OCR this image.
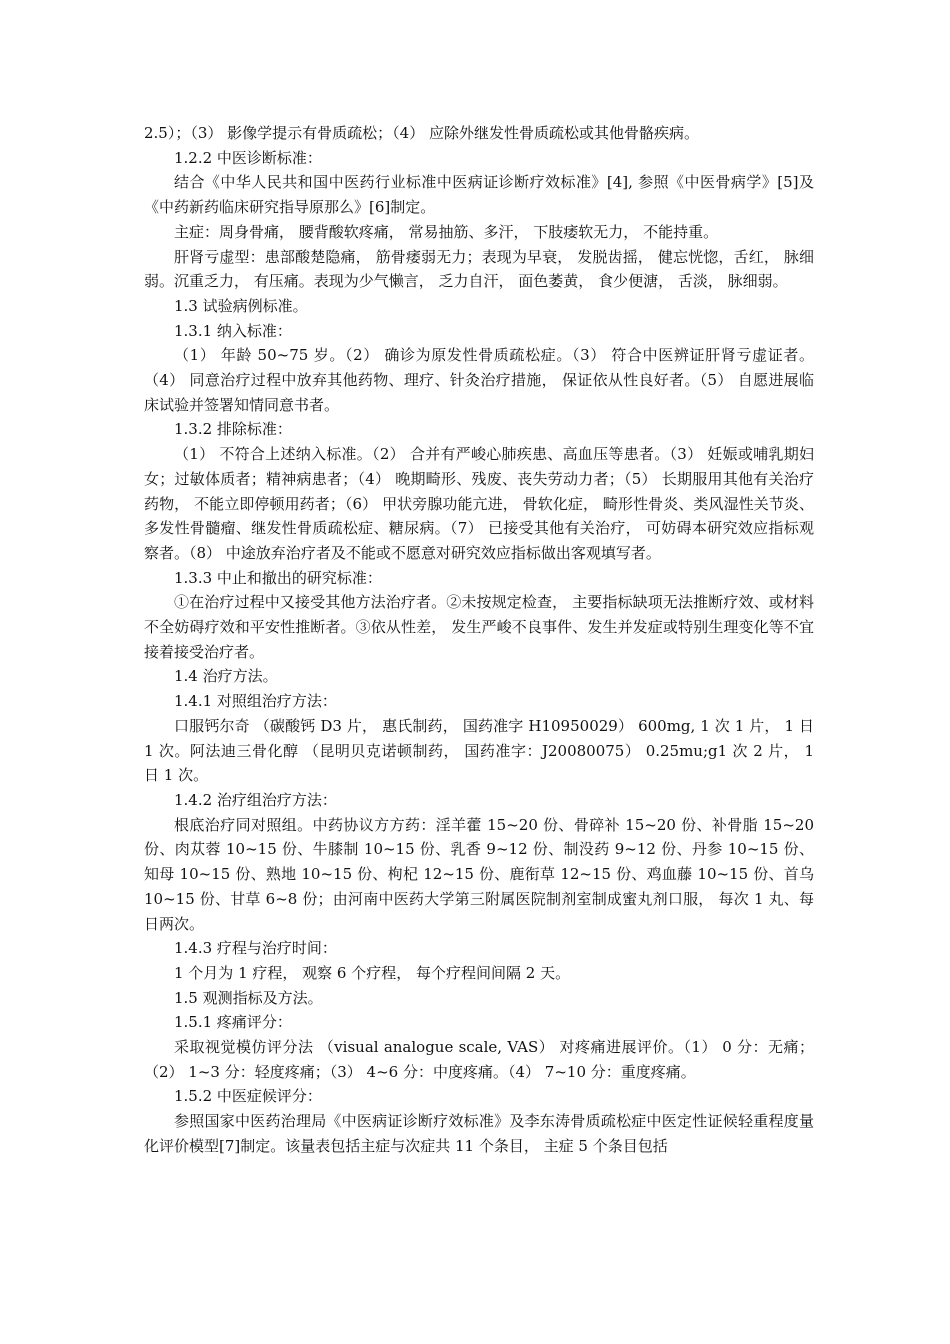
2.5）；（3） 影像学提示有骨质疏松；（4） 应除外继发性骨质疏松或其他骨骼疾病。

1.2.2 中医诊断标准：

结合《中华人民共和国中医药行业标准中医病证诊断疗效标准》[4], 参照《中医骨病学》[5]及《中药新药临床研究指导原那么》[6]制定。

主症：周身骨痛， 腰背酸软疼痛， 常易抽筋、多汗， 下肢痿软无力， 不能持重。

肝肾亏虚型：患部酸楚隐痛， 筋骨痿弱无力；表现为早衰， 发脱齿摇， 健忘恍惚，舌红， 脉细弱。沉重乏力， 有压痛。表现为少气懒言， 乏力自汗， 面色萎黄， 食少便溏， 舌淡， 脉细弱。

1.3 试验病例标准。

1.3.1 纳入标准：

（1） 年龄 50~75 岁。（2） 确诊为原发性骨质疏松症。（3） 符合中医辨证肝肾亏虚证者。（4） 同意治疗过程中放弃其他药物、理疗、针灸治疗措施， 保证依从性良好者。（5） 自愿进展临床试验并签署知情同意书者。

1.3.2 排除标准：

（1） 不符合上述纳入标准。（2） 合并有严峻心肺疾患、高血压等患者。（3） 妊娠或哺乳期妇女；过敏体质者；精神病患者；（4） 晚期畸形、残废、丧失劳动力者；（5） 长期服用其他有关治疗药物， 不能立即停顿用药者；（6） 甲状旁腺功能亢进， 骨软化症， 畸形性骨炎、类风湿性关节炎、多发性骨髓瘤、继发性骨质疏松症、糖尿病。（7） 已接受其他有关治疗， 可妨碍本研究效应指标观察者。（8） 中途放弃治疗者及不能或不愿意对研究效应指标做出客观填写者。

1.3.3 中止和撤出的研究标准：

①在治疗过程中又接受其他方法治疗者。②未按规定检查， 主要指标缺项无法推断疗效、或材料不全妨碍疗效和平安性推断者。③依从性差， 发生严峻不良事件、发生并发症或特别生理变化等不宜接着接受治疗者。

1.4 治疗方法。

1.4.1 对照组治疗方法：

口服钙尔奇 （碳酸钙 D3 片， 惠氏制药， 国药准字 H10950029） 600mg, 1 次 1 片， 1 日 1 次。阿法迪三骨化醇 （昆明贝克诺顿制药， 国药准字：J20080075） 0.25mu;g1 次 2 片， 1 日 1 次。

1.4.2 治疗组治疗方法：

根底治疗同对照组。中药协议方方药：淫羊藿 15~20 份、骨碎补 15~20 份、补骨脂 15~20 份、肉苁蓉 10~15 份、牛膝制 10~15 份、乳香 9~12 份、制没药 9~12 份、丹参 10~15 份、知母 10~15 份、熟地 10~15 份、枸杞 12~15 份、鹿衔草 12~15 份、鸡血藤 10~15 份、首乌 10~15 份、甘草 6~8 份；由河南中医药大学第三附属医院制剂室制成蜜丸剂口服， 每次 1 丸、每日两次。

1.4.3 疗程与治疗时间：

1 个月为 1 疗程， 观察 6 个疗程， 每个疗程间间隔 2 天。

1.5 观测指标及方法。

1.5.1 疼痛评分：

采取视觉模仿评分法 （visual analogue scale, VAS） 对疼痛进展评价。（1） 0 分：无痛；（2） 1~3 分：轻度疼痛；（3） 4~6 分：中度疼痛。（4） 7~10 分：重度疼痛。

1.5.2 中医症候评分：

参照国家中医药治理局《中医病证诊断疗效标准》及李东涛骨质疏松症中医定性证候轻重程度量化评价模型[7]制定。该量表包括主症与次症共 11 个条目， 主症 5 个条目包括
